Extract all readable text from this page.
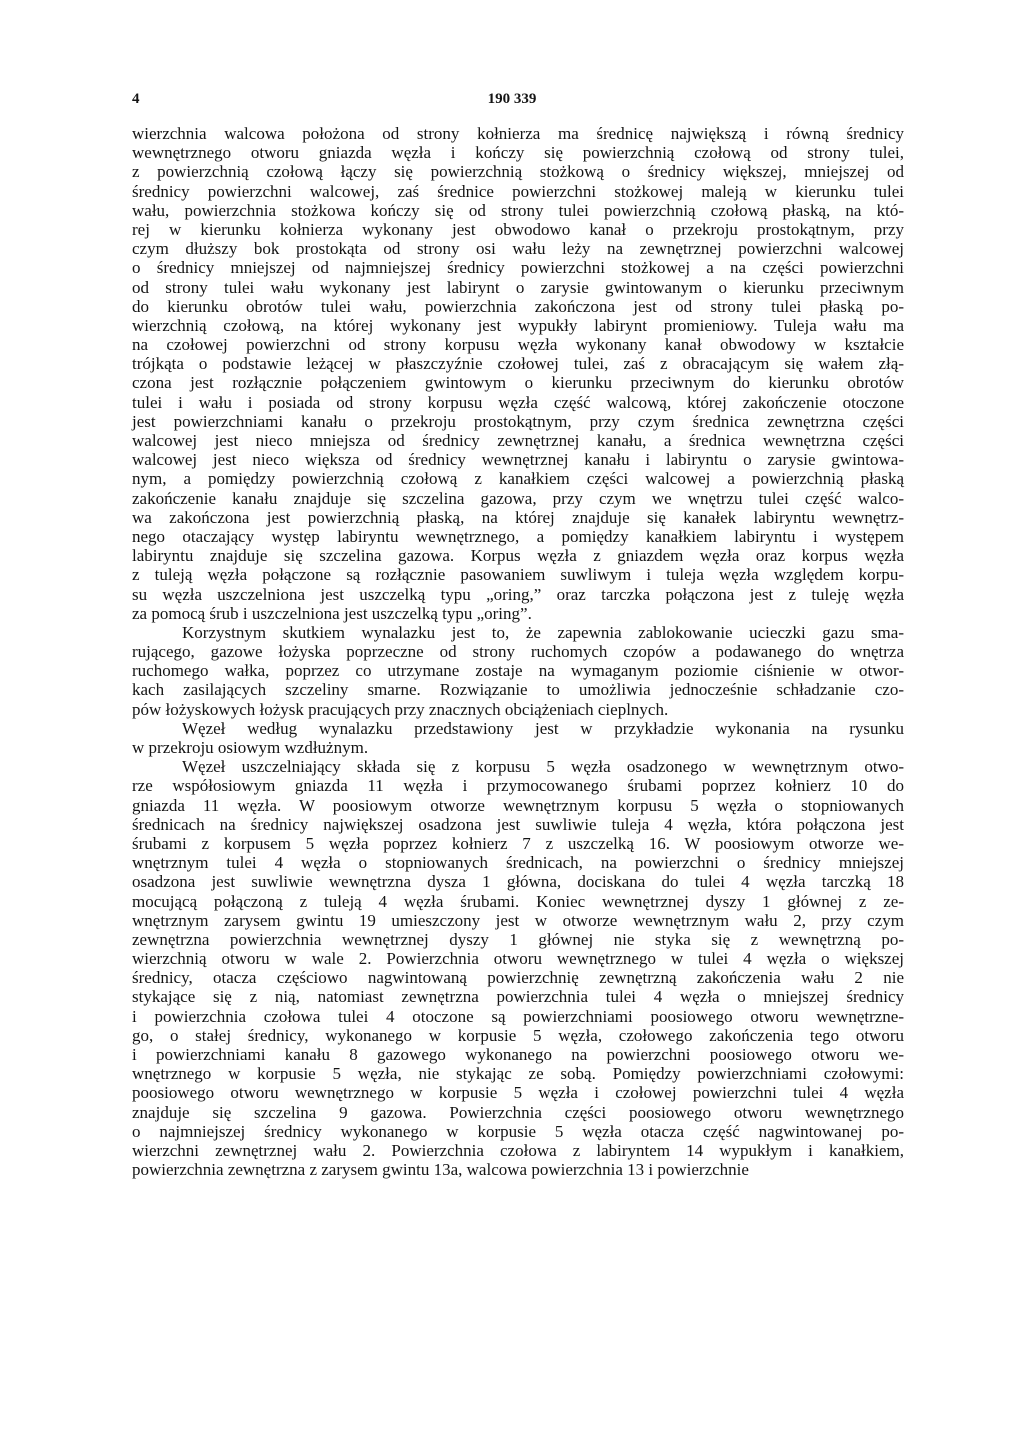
4	190 339
wierzchnia walcowa położona od strony kołnierza ma średnicę największą i równą średnicy
wewnętrznego otworu gniazda węzła i kończy się powierzchnią czołową od strony tulei,
z powierzchnią czołową łączy się powierzchnią stożkową o średnicy większej, mniejszej od
średnicy powierzchni walcowej, zaś średnice powierzchni stożkowej maleją w kierunku tulei
wału, powierzchnia stożkowa kończy się od strony tulei powierzchnią czołową płaską, na któ-
rej w kierunku kołnierza wykonany jest obwodowo kanał o przekroju prostokątnym, przy
czym dłuższy bok prostokąta od strony osi wału leży na zewnętrznej powierzchni walcowej
o średnicy mniejszej od najmniejszej średnicy powierzchni stożkowej a na części powierzchni
od strony tulei wału wykonany jest labirynt o zarysie gwintowanym o kierunku przeciwnym
do kierunku obrotów tulei wału, powierzchnia zakończona jest od strony tulei płaską po-
wierzchnią czołową, na której wykonany jest wypukły labirynt promieniowy. Tuleja wału ma
na czołowej powierzchni od strony korpusu węzła wykonany kanał obwodowy w kształcie
trójkąta o podstawie leżącej w płaszczyźnie czołowej tulei, zaś z obracającym się wałem złą-
czona jest rozłącznie połączeniem gwintowym o kierunku przeciwnym do kierunku obrotów
tulei i wału i posiada od strony korpusu węzła część walcową, której zakończenie otoczone
jest powierzchniami kanału o przekroju prostokątnym, przy czym średnica zewnętrzna części
walcowej jest nieco mniejsza od średnicy zewnętrznej kanału, a średnica wewnętrzna części
walcowej jest nieco większa od średnicy wewnętrznej kanału i labiryntu o zarysie gwintowa-
nym, a pomiędzy powierzchnią czołową z kanałkiem części walcowej a powierzchnią płaską
zakończenie kanału znajduje się szczelina gazowa, przy czym we wnętrzu tulei część walco-
wa zakończona jest powierzchnią płaską, na której znajduje się kanałek labiryntu wewnętrz-
nego otaczający występ labiryntu wewnętrznego, a pomiędzy kanałkiem labiryntu i występem
labiryntu znajduje się szczelina gazowa. Korpus węzła z gniazdem węzła oraz korpus węzła
z tuleją węzła połączone są rozłącznie pasowaniem suwliwym i tuleja węzła względem korpu-
su węzła uszczelniona jest uszczelką typu „oring,” oraz tarczka połączona jest z tuleję węzła
za pomocą śrub i uszczelniona jest uszczelką typu „oring”.
Korzystnym skutkiem wynalazku jest to, że zapewnia zablokowanie ucieczki gazu sma-
rującego, gazowe łożyska poprzeczne od strony ruchomych czopów a podawanego do wnętrza
ruchomego wałka, poprzez co utrzymane zostaje na wymaganym poziomie ciśnienie w otwor-
kach zasilających szczeliny smarne. Rozwiązanie to umożliwia jednocześnie schładzanie czo-
pów łożyskowych łożysk pracujących przy znacznych obciążeniach cieplnych.
Węzeł według wynalazku przedstawiony jest w przykładzie wykonania na rysunku
w przekroju osiowym wzdłużnym.
Węzeł uszczelniający składa się z korpusu 5 węzła osadzonego w wewnętrznym otwo-
rze współosiowym gniazda 11 węzła i przymocowanego śrubami poprzez kołnierz 10 do
gniazda 11 węzła. W poosiowym otworze wewnętrznym korpusu 5 węzła o stopniowanych
średnicach na średnicy największej osadzona jest suwliwie tuleja 4 węzła, która połączona jest
śrubami z korpusem 5 węzła poprzez kołnierz 7 z uszczelką 16. W poosiowym otworze we-
wnętrznym tulei 4 węzła o stopniowanych średnicach, na powierzchni o średnicy mniejszej
osadzona jest suwliwie wewnętrzna dysza 1 główna, dociskana do tulei 4 węzła tarczką 18
mocującą połączoną z tuleją 4 węzła śrubami. Koniec wewnętrznej dyszy 1 głównej z ze-
wnętrznym zarysem gwintu 19 umieszczony jest w otworze wewnętrznym wału 2, przy czym
zewnętrzna powierzchnia wewnętrznej dyszy 1 głównej nie styka się z wewnętrzną po-
wierzchnią otworu w wale 2. Powierzchnia otworu wewnętrznego w tulei 4 węzła o większej
średnicy, otacza częściowo nagwintowaną powierzchnię zewnętrzną zakończenia wału 2 nie
stykające się z nią, natomiast zewnętrzna powierzchnia tulei 4 węzła o mniejszej średnicy
i powierzchnia czołowa tulei 4 otoczone są powierzchniami poosiowego otworu wewnętrzne-
go, o stałej średnicy, wykonanego w korpusie 5 węzła, czołowego zakończenia tego otworu
i powierzchniami kanału 8 gazowego wykonanego na powierzchni poosiowego otworu we-
wnętrznego w korpusie 5 węzła, nie stykając ze sobą. Pomiędzy powierzchniami czołowymi:
poosiowego otworu wewnętrznego w korpusie 5 węzła i czołowej powierzchni tulei 4 węzła
znajduje się szczelina 9 gazowa. Powierzchnia części poosiowego otworu wewnętrznego
o najmniejszej średnicy wykonanego w korpusie 5 węzła otacza część nagwintowanej po-
wierzchni zewnętrznej wału 2. Powierzchnia czołowa z labiryntem 14 wypukłym i kanałkiem,
powierzchnia zewnętrzna z zarysem gwintu 13a, walcowa powierzchnia 13 i powierzchnie
